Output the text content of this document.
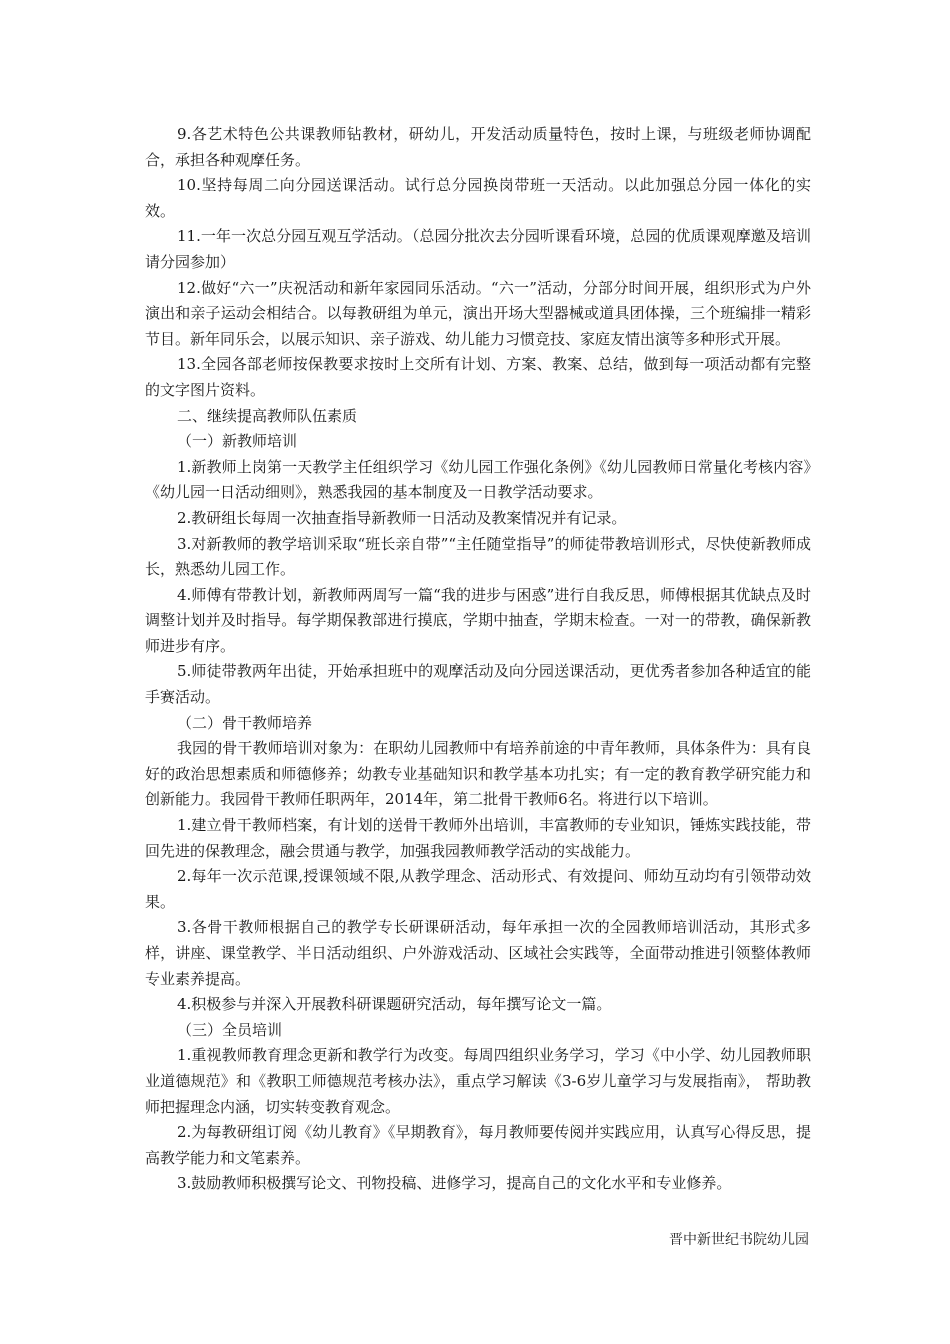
9.各艺术特色公共课教师钻教材，研幼儿，开发活动质量特色，按时上课，与班级老师协调配合，承担各种观摩任务。

10.坚持每周二向分园送课活动。试行总分园换岗带班一天活动。以此加强总分园一体化的实效。

11.一年一次总分园互观互学活动。（总园分批次去分园听课看环境，总园的优质课观摩邀及培训请分园参加）

12.做好“六一”庆祝活动和新年家园同乐活动。“六一”活动，分部分时间开展，组织形式为户外演出和亲子运动会相结合。以每教研组为单元，演出开场大型器械或道具团体操，三个班编排一精彩节目。新年同乐会，以展示知识、亲子游戏、幼儿能力习惯竞技、家庭友情出演等多种形式开展。

13.全园各部老师按保教要求按时上交所有计划、方案、教案、总结，做到每一项活动都有完整的文字图片资料。

二、继续提高教师队伍素质

（一）新教师培训

1.新教师上岗第一天教学主任组织学习《幼儿园工作强化条例》《幼儿园教师日常量化考核内容》《幼儿园一日活动细则》，熟悉我园的基本制度及一日教学活动要求。

2.教研组长每周一次抽查指导新教师一日活动及教案情况并有记录。

3.对新教师的教学培训采取“班长亲自带”“主任随堂指导”的师徒带教培训形式，尽快使新教师成长，熟悉幼儿园工作。

4.师傅有带教计划，新教师两周写一篇“我的进步与困惑”进行自我反思，师傅根据其优缺点及时调整计划并及时指导。每学期保教部进行摸底，学期中抽查，学期末检查。一对一的带教，确保新教师进步有序。

5.师徒带教两年出徒，开始承担班中的观摩活动及向分园送课活动，更优秀者参加各种适宜的能手赛活动。

（二）骨干教师培养

我园的骨干教师培训对象为：在职幼儿园教师中有培养前途的中青年教师，具体条件为：具有良好的政治思想素质和师德修养；幼教专业基础知识和教学基本功扎实；有一定的教育教学研究能力和创新能力。我园骨干教师任职两年，2014年，第二批骨干教师6名。将进行以下培训。

1.建立骨干教师档案，有计划的送骨干教师外出培训，丰富教师的专业知识，锤炼实践技能，带回先进的保教理念，融会贯通与教学，加强我园教师教学活动的实战能力。

2.每年一次示范课,授课领域不限,从教学理念、活动形式、有效提问、师幼互动均有引领带动效果。

3.各骨干教师根据自己的教学专长研课研活动，每年承担一次的全园教师培训活动，其形式多样，讲座、课堂教学、半日活动组织、户外游戏活动、区域社会实践等，全面带动推进引领整体教师专业素养提高。

4.积极参与并深入开展教科研课题研究活动，每年撰写论文一篇。

（三）全员培训

1.重视教师教育理念更新和教学行为改变。每周四组织业务学习，学习《中小学、幼儿园教师职业道德规范》和《教职工师德规范考核办法》，重点学习解读《3-6岁儿童学习与发展指南》， 帮助教师把握理念内涵，切实转变教育观念。

2.为每教研组订阅《幼儿教育》《早期教育》，每月教师要传阅并实践应用，认真写心得反思，提高教学能力和文笔素养。

3.鼓励教师积极撰写论文、刊物投稿、进修学习，提高自己的文化水平和专业修养。

晋中新世纪书院幼儿园
